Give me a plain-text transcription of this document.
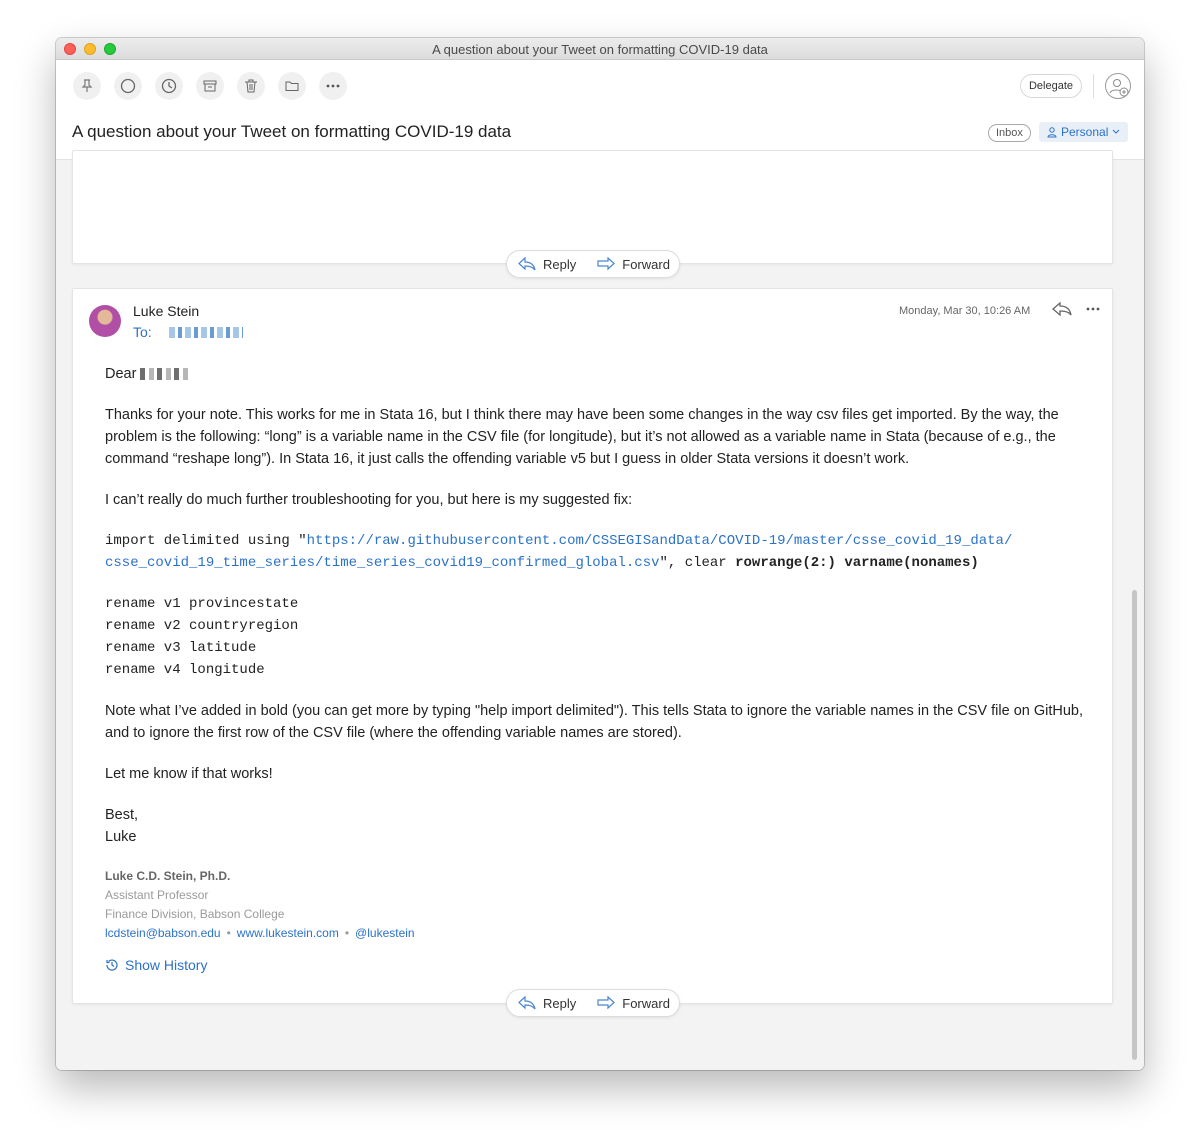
A question about your Tweet on formatting COVID-19 data
Delegate
A question about your Tweet on formatting COVID-19 data	Inbox	Personal
Reply	Forward
Luke Stein
To:
Monday, Mar 30, 10:26 AM

Dear

Thanks for your note. This works for me in Stata 16, but I think there may have been some changes in the way csv files get imported. By the way, the problem is the following: “long” is a variable name in the CSV file (for longitude), but it’s not allowed as a variable name in Stata (because of e.g., the command “reshape long”). In Stata 16, it just calls the offending variable v5 but I guess in older Stata versions it doesn’t work.

I can’t really do much further troubleshooting for you, but here is my suggested fix:

import delimited using "https://raw.githubusercontent.com/CSSEGISandData/COVID-19/master/csse_covid_19_data/
csse_covid_19_time_series/time_series_covid19_confirmed_global.csv", clear rowrange(2:) varname(nonames)

rename v1 provincestate
rename v2 countryregion
rename v3 latitude
rename v4 longitude

Note what I’ve added in bold (you can get more by typing "help import delimited"). This tells Stata to ignore the variable names in the CSV file on GitHub, and to ignore the first row of the CSV file (where the offending variable names are stored).

Let me know if that works!

Best,
Luke

Luke C.D. Stein, Ph.D.
Assistant Professor
Finance Division, Babson College
lcdstein@babson.edu • www.lukestein.com • @lukestein
Show History
Reply	Forward
